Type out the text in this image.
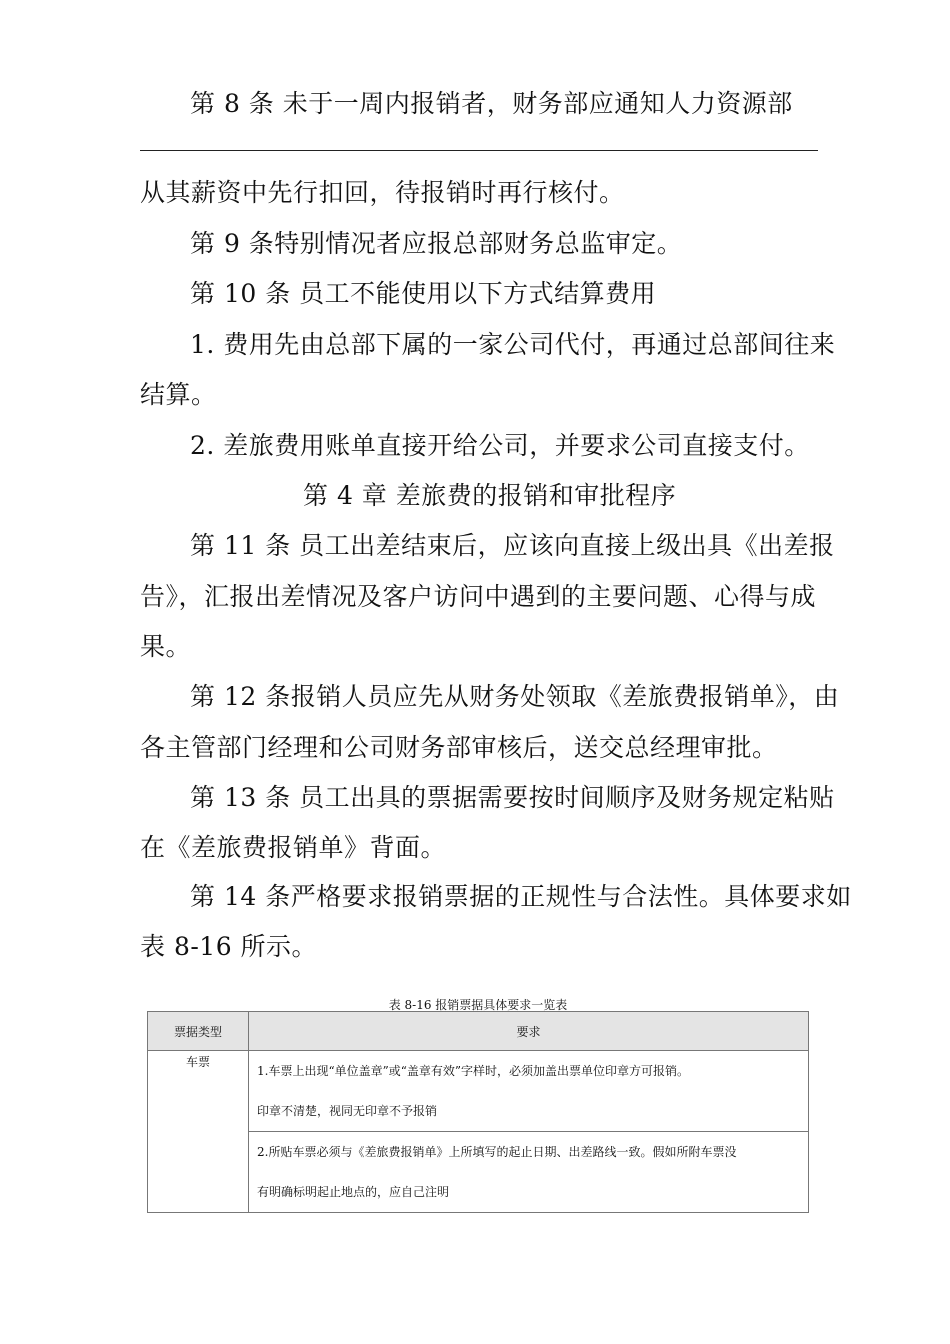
第 8 条 未于一周内报销者，财务部应通知人力资源部
从其薪资中先行扣回，待报销时再行核付。
第 9 条特别情况者应报总部财务总监审定。
第 10 条 员工不能使用以下方式结算费用
1. 费用先由总部下属的一家公司代付，再通过总部间往来
结算。
2. 差旅费用账单直接开给公司，并要求公司直接支付。
第 4 章 差旅费的报销和审批程序
第 11 条 员工出差结束后，应该向直接上级出具《出差报
告》，汇报出差情况及客户访问中遇到的主要问题、心得与成
果。
第 12 条报销人员应先从财务处领取《差旅费报销单》，由
各主管部门经理和公司财务部审核后，送交总经理审批。
第 13 条 员工出具的票据需要按时间顺序及财务规定粘贴
在《差旅费报销单》背面。
第 14 条严格要求报销票据的正规性与合法性。具体要求如
表 8-16 所示。
表 8-16 报销票据具体要求一览表
票据类型	要求
车票	1.车票上出现“单位盖章”或“盖章有效”字样时，必须加盖出票单位印章方可报销。
印章不清楚，视同无印章不予报销

	2.所贴车票必须与《差旅费报销单》上所填写的起止日期、出差路线一致。假如所附车票没
有明确标明起止地点的，应自己注明
